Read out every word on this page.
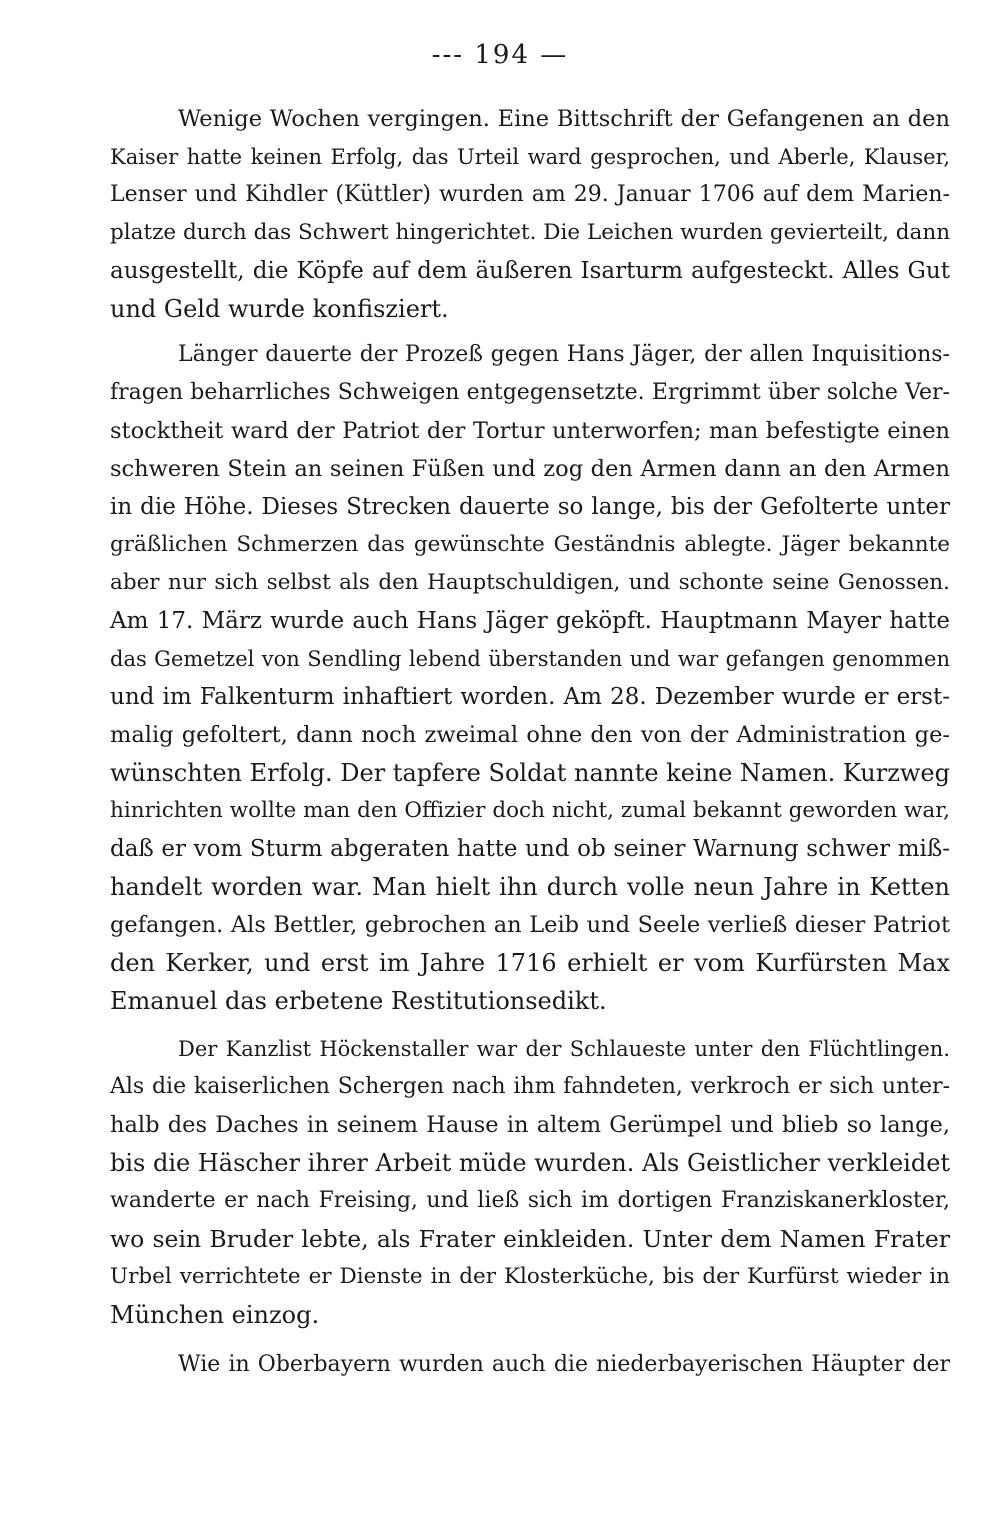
--- 194 —
Wenige Wochen vergingen. Eine Bittschrift der Gefangenen an den
Kaiser hatte keinen Erfolg, das Urteil ward gesprochen, und Aberle, Klauser,
Lenser und Kihdler (Küttler) wurden am 29. Januar 1706 auf dem Marien-
platze durch das Schwert hingerichtet. Die Leichen wurden gevierteilt, dann
ausgestellt, die Köpfe auf dem äußeren Isarturm aufgesteckt. Alles Gut
und Geld wurde konfisziert.
Länger dauerte der Prozeß gegen Hans Jäger, der allen Inquisitions-
fragen beharrliches Schweigen entgegensetzte. Ergrimmt über solche Ver-
stocktheit ward der Patriot der Tortur unterworfen; man befestigte einen
schweren Stein an seinen Füßen und zog den Armen dann an den Armen
in die Höhe. Dieses Strecken dauerte so lange, bis der Gefolterte unter
gräßlichen Schmerzen das gewünschte Geständnis ablegte. Jäger bekannte
aber nur sich selbst als den Hauptschuldigen, und schonte seine Genossen.
Am 17. März wurde auch Hans Jäger geköpft. Hauptmann Mayer hatte
das Gemetzel von Sendling lebend überstanden und war gefangen genommen
und im Falkenturm inhaftiert worden. Am 28. Dezember wurde er erst-
malig gefoltert, dann noch zweimal ohne den von der Administration ge-
wünschten Erfolg. Der tapfere Soldat nannte keine Namen. Kurzweg
hinrichten wollte man den Offizier doch nicht, zumal bekannt geworden war,
daß er vom Sturm abgeraten hatte und ob seiner Warnung schwer miß-
handelt worden war. Man hielt ihn durch volle neun Jahre in Ketten
gefangen. Als Bettler, gebrochen an Leib und Seele verließ dieser Patriot
den Kerker, und erst im Jahre 1716 erhielt er vom Kurfürsten Max
Emanuel das erbetene Restitutionsedikt.
Der Kanzlist Höckenstaller war der Schlaueste unter den Flüchtlingen.
Als die kaiserlichen Schergen nach ihm fahndeten, verkroch er sich unter-
halb des Daches in seinem Hause in altem Gerümpel und blieb so lange,
bis die Häscher ihrer Arbeit müde wurden. Als Geistlicher verkleidet
wanderte er nach Freising, und ließ sich im dortigen Franziskanerkloster,
wo sein Bruder lebte, als Frater einkleiden. Unter dem Namen Frater
Urbel verrichtete er Dienste in der Klosterküche, bis der Kurfürst wieder in
München einzog.
Wie in Oberbayern wurden auch die niederbayerischen Häupter der
